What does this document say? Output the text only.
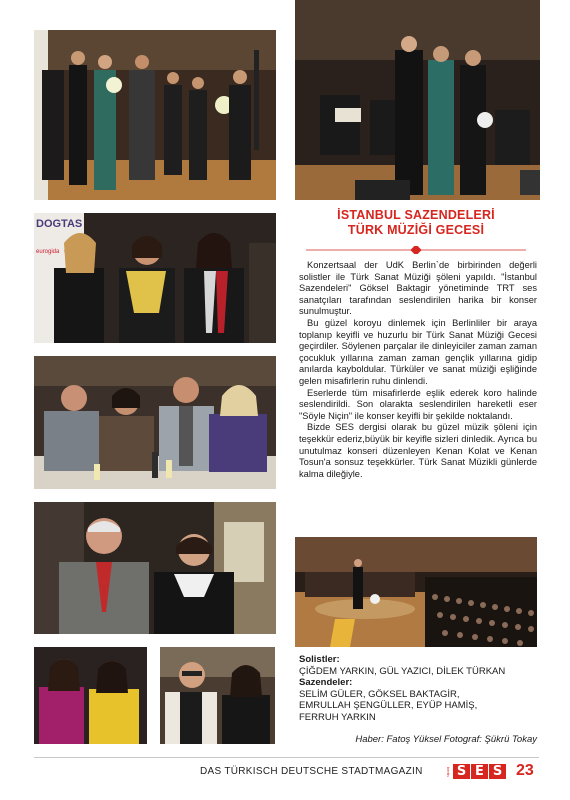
DOGTAS
eurogida
İSTANBUL SAZENDELERİ
TÜRK MÜZİĞİ GECESİ

Konzertsaal der UdK Berlin`de birbirinden değerli solistler ile Türk Sanat Müziği şöleni yapıldı. "İstanbul Sazendeleri" Göksel Baktagir yönetiminde TRT ses sanatçıları tarafından seslendirilen harika bir konser sunulmuştur.

Bu güzel koroyu dinlemek için Berlinliler bir araya toplanıp keyifli ve huzurlu bir Türk Sanat Müziği Gecesi geçirdiler. Söylenen parçalar ile dinleyiciler zaman zaman çocukluk yıllarına zaman zaman gençlik yıllarına gidip anılarda kayboldular. Türküler ve sanat müziği eşliğinde gelen misafirlerin ruhu dinlendi.

Eserlerde tüm misafirlerde eşlik ederek koro halinde seslendirildi. Son olarakta seslendirilen hareketli eser "Söyle Niçin" ile konser keyifli bir şekilde noktalandı.

Bizde SES dergisi olarak bu güzel müzik şöleni için teşekkür ederiz,büyük bir keyifle sizleri dinledik. Ayrıca bu unutulmaz konseri düzenleyen Kenan Kolat ve Kenan Tosun'a sonsuz teşekkürler. Türk Sanat Müzikli günlerde kalma dileğiyle.

Solistler:
ÇİĞDEM YARKIN, GÜL YAZICI, DİLEK TÜRKAN
Sazendeler:
SELİM GÜLER, GÖKSEL BAKTAGİR,
EMRULLAH ŞENGÜLLER, EYÜP HAMİŞ,
FERRUH YARKIN
Haber: Fatoş Yüksel Fotograf: Şükrü Tokay
DAS TÜRKISCH DEUTSCHE STADTMAGAZIN	berlin S E S 23
